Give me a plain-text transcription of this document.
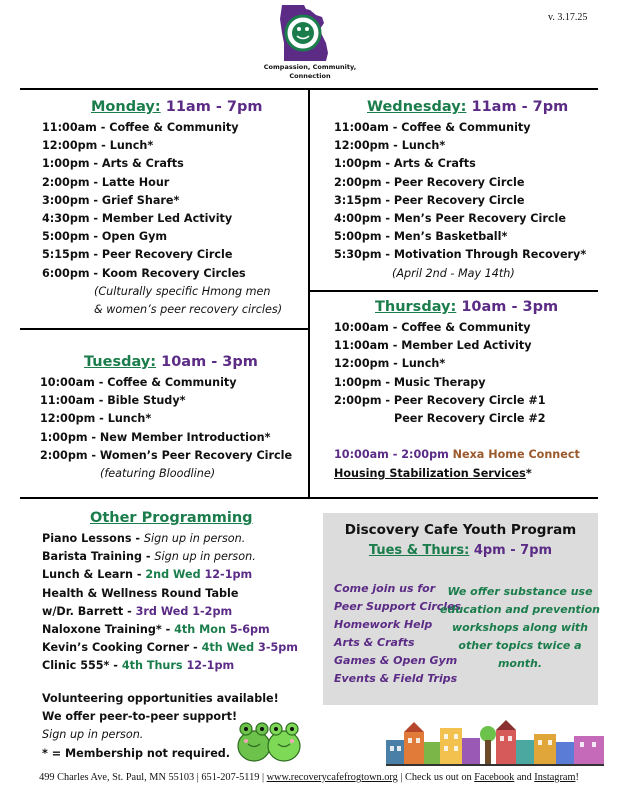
v. 3.17.25
Compassion, Community, Connection
Monday: 11am - 7pm
11:00am - Coffee & Community
12:00pm - Lunch*
1:00pm - Arts & Crafts
2:00pm - Latte Hour
3:00pm - Grief Share*
4:30pm - Member Led Activity
5:00pm - Open Gym
5:15pm - Peer Recovery Circle
6:00pm - Koom Recovery Circles
(Culturally specific Hmong men
& women’s peer recovery circles)
Wednesday: 11am - 7pm
11:00am - Coffee & Community
12:00pm - Lunch*
1:00pm - Arts & Crafts
2:00pm - Peer Recovery Circle
3:15pm - Peer Recovery Circle
4:00pm - Men’s Peer Recovery Circle
5:00pm - Men’s Basketball*
5:30pm - Motivation Through Recovery*
(April 2nd - May 14th)
Tuesday: 10am - 3pm
10:00am - Coffee & Community
11:00am - Bible Study*
12:00pm - Lunch*
1:00pm - New Member Introduction*
2:00pm - Women’s Peer Recovery Circle
(featuring Bloodline)
Thursday: 10am - 3pm
10:00am - Coffee & Community
11:00am - Member Led Activity
12:00pm - Lunch*
1:00pm - Music Therapy
2:00pm - Peer Recovery Circle #1
Peer Recovery Circle #2

10:00am - 2:00pm Nexa Home Connect
Housing Stabilization Services*
Other Programming
Piano Lessons - Sign up in person.
Barista Training - Sign up in person.
Lunch & Learn - 2nd Wed 12-1pm
Health & Wellness Round Table
w/Dr. Barrett - 3rd Wed 1-2pm
Naloxone Training* - 4th Mon 5-6pm
Kevin’s Cooking Corner - 4th Wed 3-5pm
Clinic 555* - 4th Thurs 12-1pm
Volunteering opportunities available!
We offer peer-to-peer support!
Sign up in person.
* = Membership not required.
Discovery Cafe Youth Program
Tues & Thurs: 4pm - 7pm
Come join us for
Peer Support Circles
Homework Help
Arts & Crafts
Games & Open Gym
Events & Field Trips
We offer substance use education and prevention workshops along with other topics twice a month.
499 Charles Ave, St. Paul, MN 55103 | 651-207-5119 | www.recoverycafefrogtown.org | Check us out on Facebook and Instagram!
